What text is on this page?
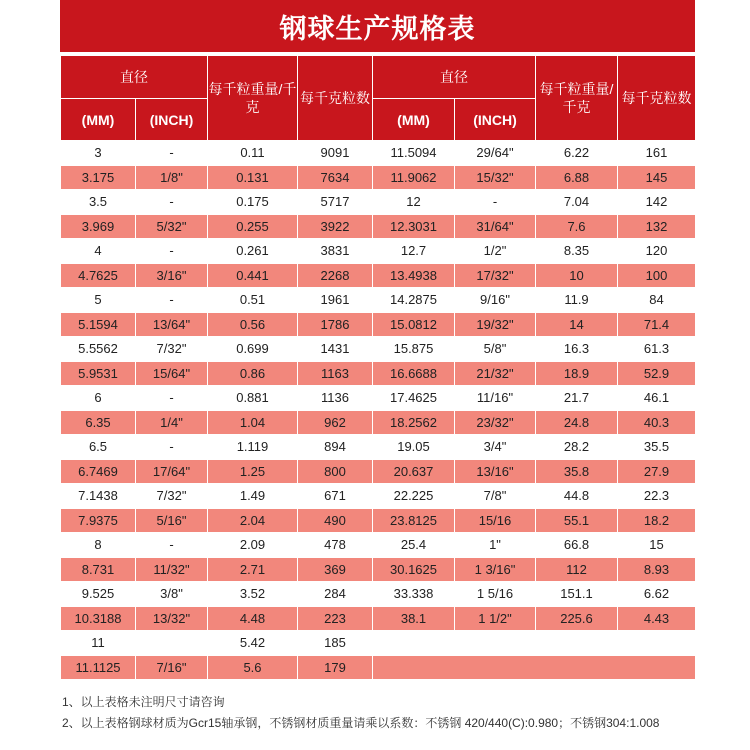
钢球生产规格表
直径		每千粒重量/千克	每千克粒数	直径		每千粒重量/千克	每千克粒数
(MM)	(INCH)			(MM)	(INCH)		
3	-	0.11	9091	11.5094	29/64"	6.22	161
3.175	1/8"	0.131	7634	11.9062	15/32"	6.88	145
3.5	-	0.175	5717	12	-	7.04	142
3.969	5/32"	0.255	3922	12.3031	31/64"	7.6	132
4	-	0.261	3831	12.7	1/2"	8.35	120
4.7625	3/16"	0.441	2268	13.4938	17/32"	10	100
5	-	0.51	1961	14.2875	9/16"	11.9	84
5.1594	13/64"	0.56	1786	15.0812	19/32"	14	71.4
5.5562	7/32"	0.699	1431	15.875	5/8"	16.3	61.3
5.9531	15/64"	0.86	1163	16.6688	21/32"	18.9	52.9
6	-	0.881	1136	17.4625	11/16"	21.7	46.1
6.35	1/4"	1.04	962	18.2562	23/32"	24.8	40.3
6.5	-	1.119	894	19.05	3/4"	28.2	35.5
6.7469	17/64"	1.25	800	20.637	13/16"	35.8	27.9
7.1438	7/32"	1.49	671	22.225	7/8"	44.8	22.3
7.9375	5/16"	2.04	490	23.8125	15/16	55.1	18.2
8	-	2.09	478	25.4	1"	66.8	15
8.731	11/32"	2.71	369	30.1625	1 3/16"	112	8.93
9.525	3/8"	3.52	284	33.338	1 5/16	151.1	6.62
10.3188	13/32"	4.48	223	38.1	1 1/2"	225.6	4.43
11		5.42	185				
11.1125	7/16"	5.6	179				

1、以上表格未注明尺寸请咨询

2、以上表格钢球材质为Gcr15轴承钢，不锈钢材质重量请乘以系数：不锈钢 420/440(C):0.980；不锈钢304:1.008
